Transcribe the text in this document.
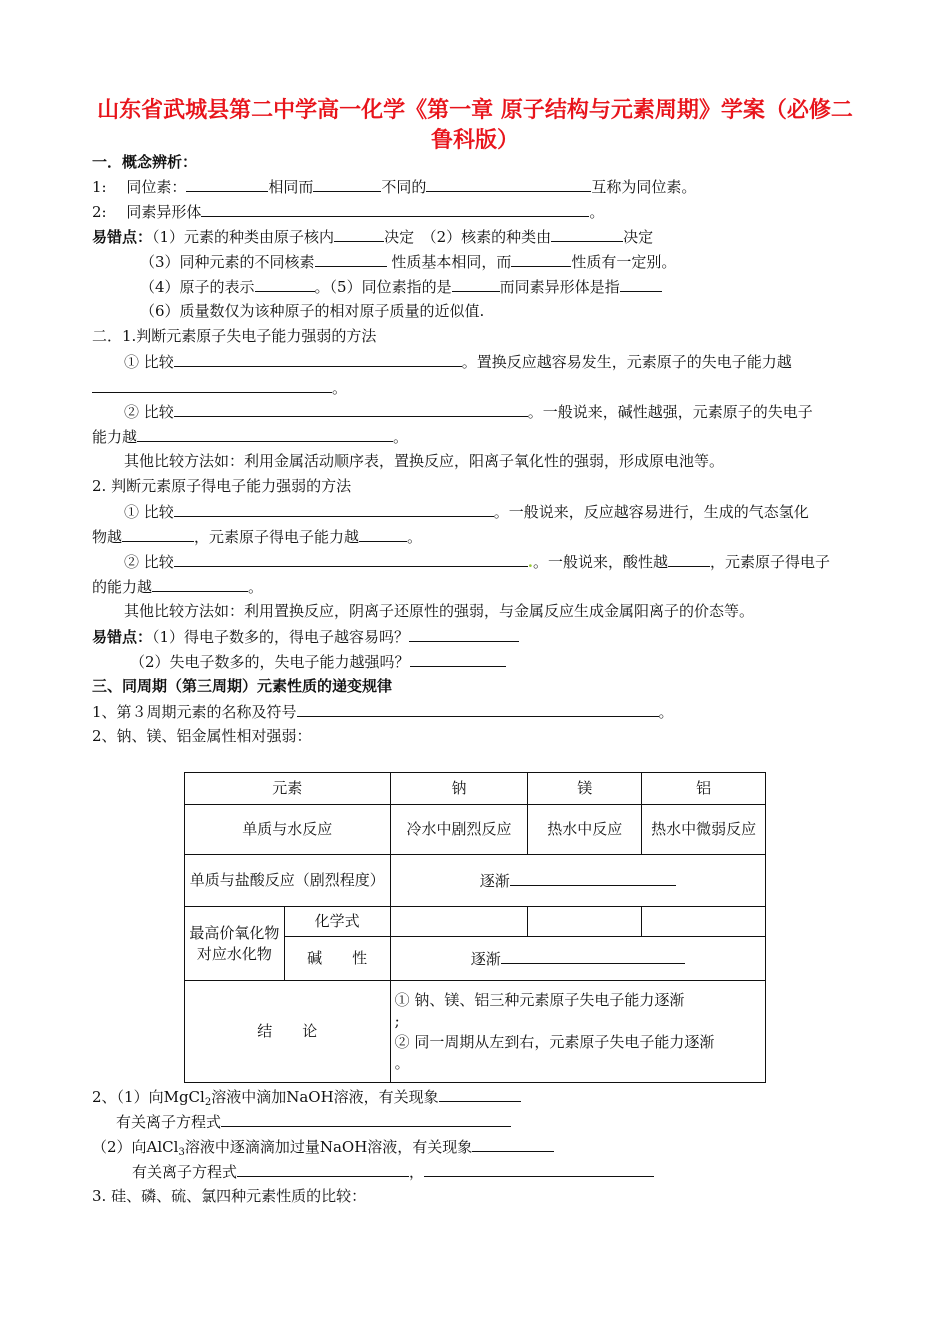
山东省武城县第二中学高一化学《第一章 原子结构与元素周期》学案（必修二 鲁科版）
一．概念辨析：
1:　 同位素：	相同而	不同的	互称为同位素。
2:　 同素异形体	。
易错点：（1）元素的种类由原子核内	决定　（2）核素的种类由	决定
（3）同种元素的不同核素	性质基本相同，而	性质有一定别。
（4）原子的表示	。（5）同位素指的是	而同素异形体是指
（6）质量数仅为该种原子的相对原子质量的近似值.
二．1.判断元素原子失电子能力强弱的方法
① 比较	。置换反应越容易发生，元素原子的失电子能力越
。
② 比较	。一般说来，碱性越强，元素原子的失电子
能力越	。
其他比较方法如：利用金属活动顺序表，置换反应，阳离子氧化性的强弱，形成原电池等。
2. 判断元素原子得电子能力强弱的方法
① 比较	。一般说来，反应越容易进行，生成的气态氢化
物越	，元素原子得电子能力越	。
② 比较	.。一般说来，酸性越	，元素原子得电子
的能力越	。
其他比较方法如：利用置换反应，阴离子还原性的强弱，与金属反应生成金属阳离子的价态等。
易错点：（1）得电子数多的，得电子越容易吗？
（2）失电子数多的，失电子能力越强吗？
三、同周期（第三周期）元素性质的递变规律
1、第３周期元素的名称及符号	。
2、钠、镁、铝金属性相对强弱：
元素		钠	镁	铝
单质与水反应		冷水中剧烈反应	热水中反应	热水中微弱反应
单质与盐酸反应（剧烈程度）		逐渐		
最高价氧化物对应水化物	化学式			
	碱　　性	逐渐		
结　　论		① 钠、镁、铝三种元素原子失电子能力逐渐
;
② 同一周期从左到右，元素原子失电子能力逐渐
。		
2、（1）向MgCl$_2$溶液中滴加NaOH溶液，有关现象
有关离子方程式
（2）向AlCl$_3$溶液中逐滴滴加过量NaOH溶液，有关现象
有关离子方程式	，
3. 硅、磷、硫、氯四种元素性质的比较：
